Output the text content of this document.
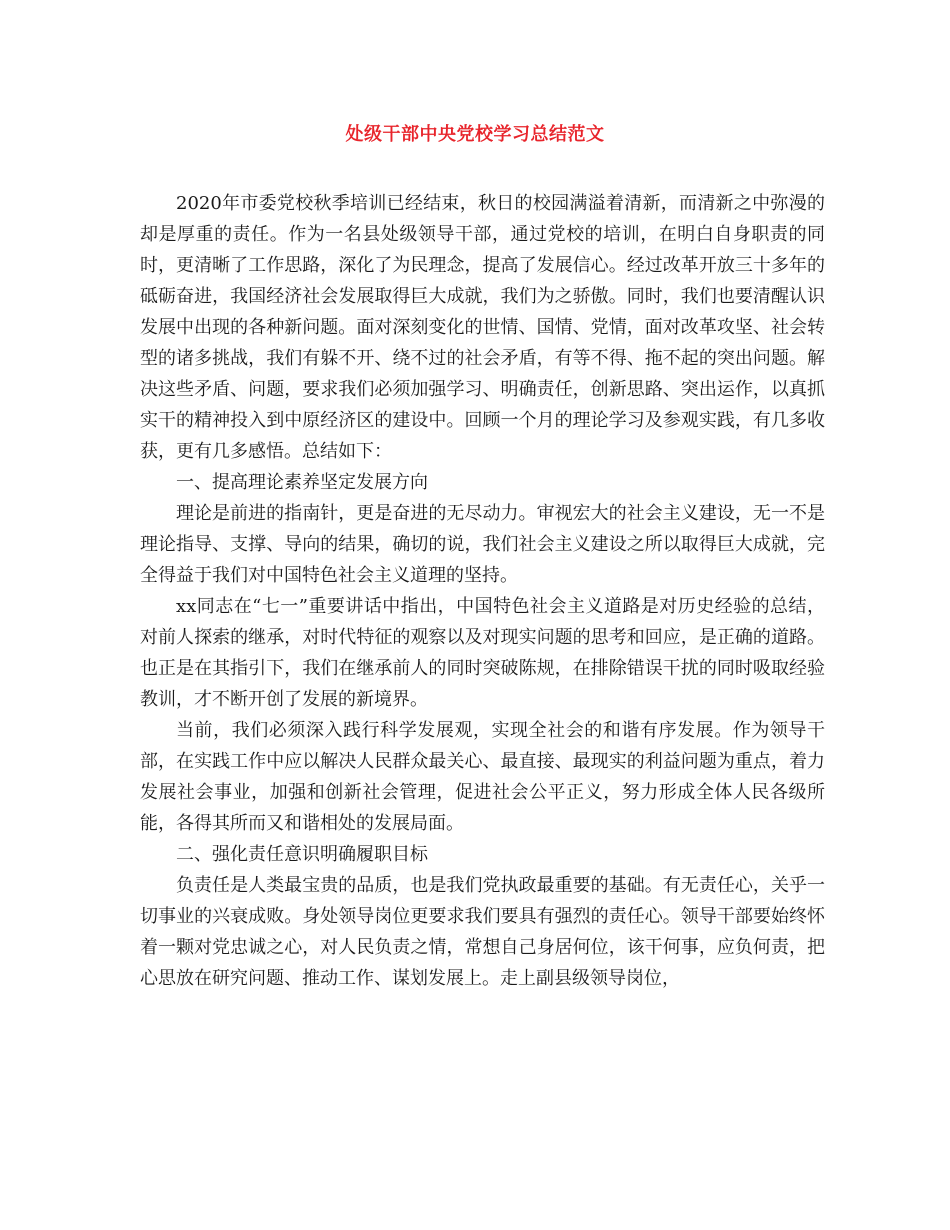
处级干部中央党校学习总结范文

2020年市委党校秋季培训已经结束，秋日的校园满溢着清新，而清新之中弥漫的却是厚重的责任。作为一名县处级领导干部，通过党校的培训，在明白自身职责的同时，更清晰了工作思路，深化了为民理念，提高了发展信心。经过改革开放三十多年的砥砺奋进，我国经济社会发展取得巨大成就，我们为之骄傲。同时，我们也要清醒认识发展中出现的各种新问题。面对深刻变化的世情、国情、党情，面对改革攻坚、社会转型的诸多挑战，我们有躲不开、绕不过的社会矛盾，有等不得、拖不起的突出问题。解决这些矛盾、问题，要求我们必须加强学习、明确责任，创新思路、突出运作，以真抓实干的精神投入到中原经济区的建设中。回顾一个月的理论学习及参观实践，有几多收获，更有几多感悟。总结如下：

一、提高理论素养坚定发展方向

理论是前进的指南针，更是奋进的无尽动力。审视宏大的社会主义建设，无一不是理论指导、支撑、导向的结果，确切的说，我们社会主义建设之所以取得巨大成就，完全得益于我们对中国特色社会主义道理的坚持。

xx同志在“七一”重要讲话中指出，中国特色社会主义道路是对历史经验的总结，对前人探索的继承，对时代特征的观察以及对现实问题的思考和回应，是正确的道路。也正是在其指引下，我们在继承前人的同时突破陈规，在排除错误干扰的同时吸取经验教训，才不断开创了发展的新境界。

当前，我们必须深入践行科学发展观，实现全社会的和谐有序发展。作为领导干部，在实践工作中应以解决人民群众最关心、最直接、最现实的利益问题为重点，着力发展社会事业，加强和创新社会管理，促进社会公平正义，努力形成全体人民各级所能，各得其所而又和谐相处的发展局面。

二、强化责任意识明确履职目标

负责任是人类最宝贵的品质，也是我们党执政最重要的基础。有无责任心，关乎一切事业的兴衰成败。身处领导岗位更要求我们要具有强烈的责任心。领导干部要始终怀着一颗对党忠诚之心，对人民负责之情，常想自己身居何位，该干何事，应负何责，把心思放在研究问题、推动工作、谋划发展上。走上副县级领导岗位，
